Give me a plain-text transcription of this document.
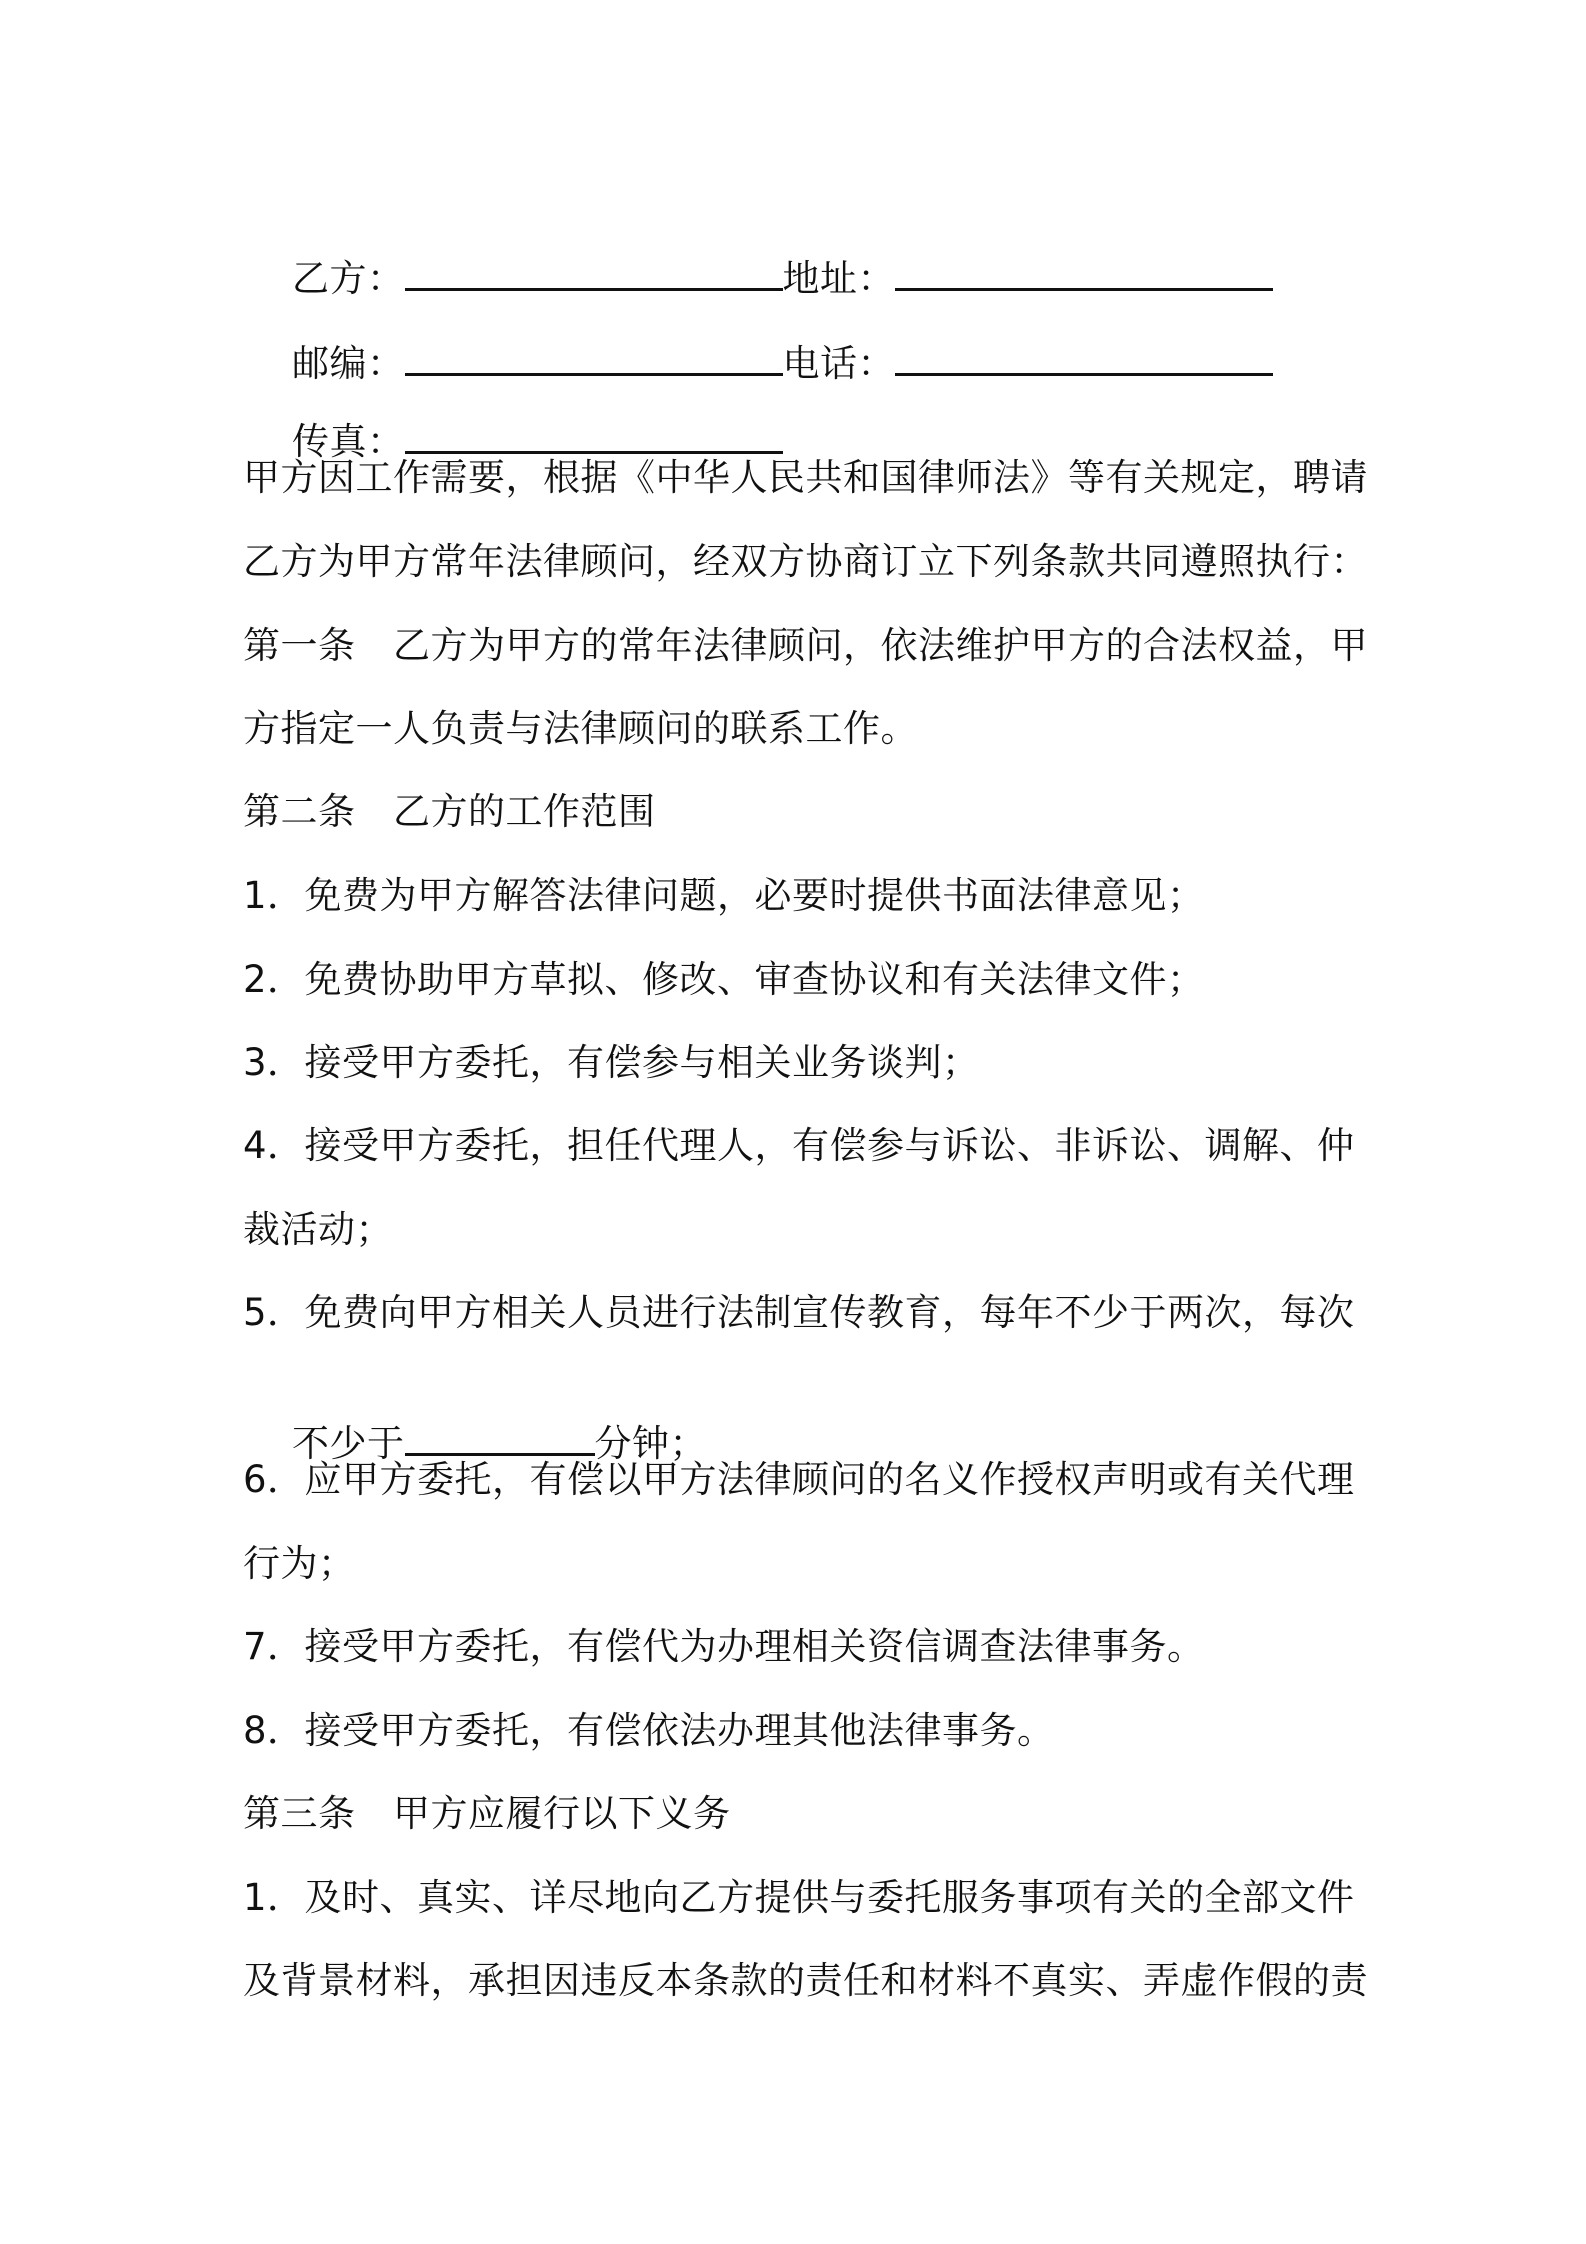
乙方：	地址：

邮编：	电话：

传真：

甲方因工作需要，根据《中华人民共和国律师法》等有关规定，聘请
乙方为甲方常年法律顾问，经双方协商订立下列条款共同遵照执行：
第一条　乙方为甲方的常年法律顾问，依法维护甲方的合法权益，甲
方指定一人负责与法律顾问的联系工作。
第二条　乙方的工作范围
1．免费为甲方解答法律问题，必要时提供书面法律意见；
2．免费协助甲方草拟、修改、审查协议和有关法律文件；
3．接受甲方委托，有偿参与相关业务谈判；
4．接受甲方委托，担任代理人，有偿参与诉讼、非诉讼、调解、仲
裁活动；
5．免费向甲方相关人员进行法制宣传教育，每年不少于两次，每次

不少于	分钟；

6．应甲方委托，有偿以甲方法律顾问的名义作授权声明或有关代理
行为；
7．接受甲方委托，有偿代为办理相关资信调查法律事务。
8．接受甲方委托，有偿依法办理其他法律事务。
第三条　甲方应履行以下义务
1．及时、真实、详尽地向乙方提供与委托服务事项有关的全部文件
及背景材料，承担因违反本条款的责任和材料不真实、弄虚作假的责
